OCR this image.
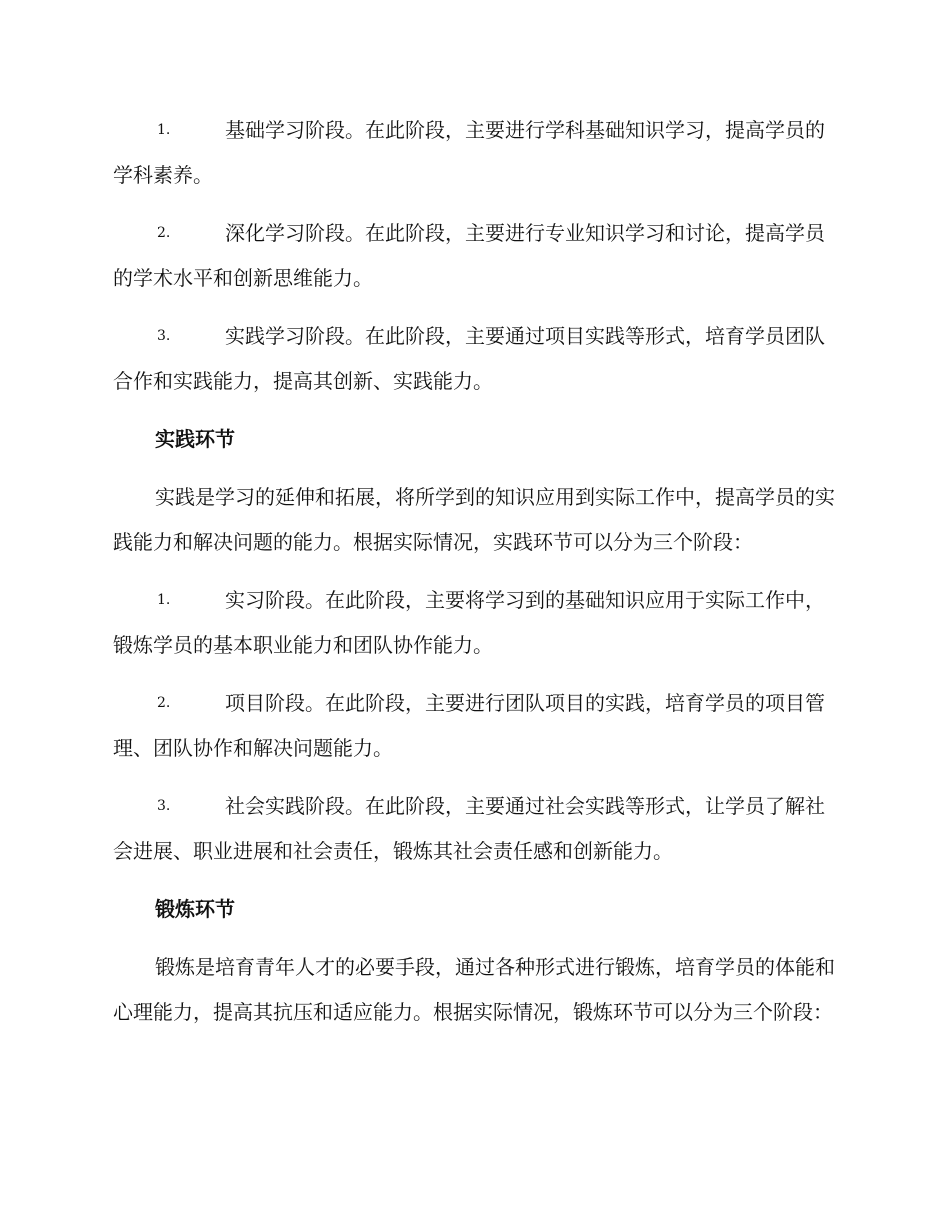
1.	基础学习阶段。在此阶段，主要进行学科基础知识学习，提高学员的学科素养。
2.	深化学习阶段。在此阶段，主要进行专业知识学习和讨论，提高学员的学术水平和创新思维能力。
3.	实践学习阶段。在此阶段，主要通过项目实践等形式，培育学员团队合作和实践能力，提高其创新、实践能力。
实践环节
实践是学习的延伸和拓展，将所学到的知识应用到实际工作中，提高学员的实践能力和解决问题的能力。根据实际情况，实践环节可以分为三个阶段：
1.	实习阶段。在此阶段，主要将学习到的基础知识应用于实际工作中，锻炼学员的基本职业能力和团队协作能力。
2.	项目阶段。在此阶段，主要进行团队项目的实践，培育学员的项目管理、团队协作和解决问题能力。
3.	社会实践阶段。在此阶段，主要通过社会实践等形式，让学员了解社会进展、职业进展和社会责任，锻炼其社会责任感和创新能力。
锻炼环节
锻炼是培育青年人才的必要手段，通过各种形式进行锻炼，培育学员的体能和心理能力，提高其抗压和适应能力。根据实际情况，锻炼环节可以分为三个阶段：
